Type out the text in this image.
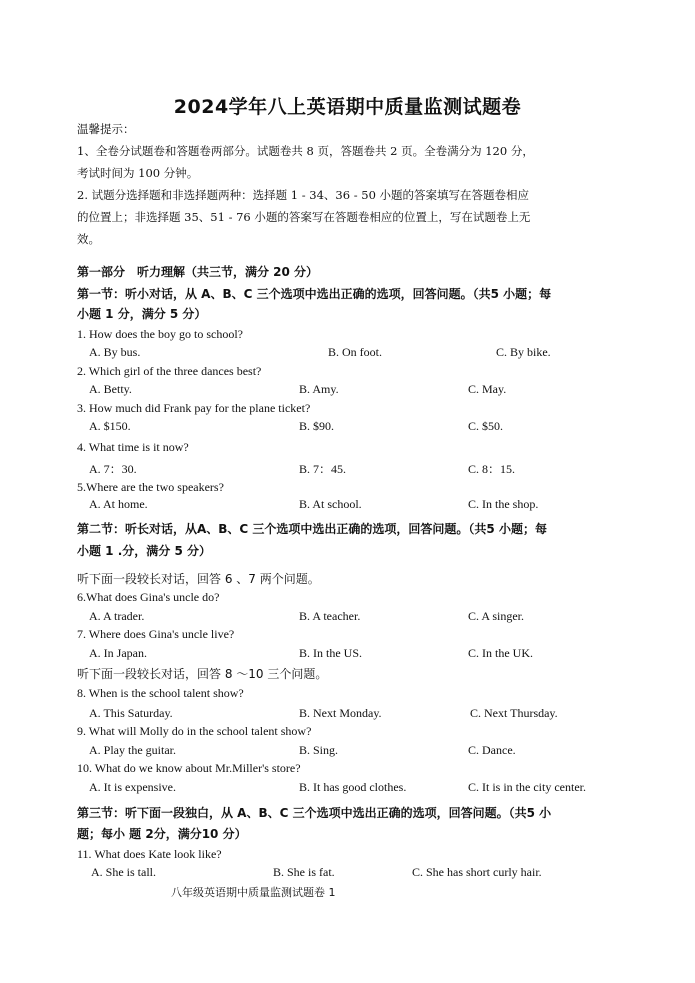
2024学年八上英语期中质量监测试题卷
温馨提示：
1、全卷分试题卷和答题卷两部分。试题卷共 8 页，答题卷共 2 页。全卷满分为 120 分，
考试时间为 100 分钟。
2. 试题分选择题和非选择题两种：选择题 1 - 34、36 - 50 小题的答案填写在答题卷相应
的位置上；非选择题 35、51 - 76 小题的答案写在答题卷相应的位置上，写在试题卷上无
效。
第一部分　听力理解（共三节，满分 20 分）
第一节：听小对话，从 A、B、C 三个选项中选出正确的选项，回答问题。（共5 小题；每
小题 1 分，满分 5 分）
1. How does the boy go to school?
A. By bus.	B. On foot.	C. By bike.
2. Which girl of the three dances best?
A. Betty.	B. Amy.	C. May.
3. How much did Frank pay for the plane ticket?
A. $150.	B. $90.	C. $50.
4. What time is it now?
A. 7：30.	B. 7：45.	C. 8：15.
5.Where are the two speakers?
A. At home.	B. At school.	C. In the shop.
第二节：听长对话，从A、B、C 三个选项中选出正确的选项，回答问题。（共5 小题；每
小题 1 .分，满分 5 分）
听下面一段较长对话，回答 6 、7 两个问题。
6.What does Gina's uncle do?
A. A trader.	B. A teacher.	C. A singer.
7. Where does Gina's uncle live?
A. In Japan.	B. In the US.	C. In the UK.
听下面一段较长对话，回答 8 ～10 三个问题。
8. When is the school talent show?
A. This Saturday.	B. Next Monday.	C. Next Thursday.
9. What will Molly do in the school talent show?
A. Play the guitar.	B. Sing.	C. Dance.
10. What do we know about Mr.Miller's store?
A. It is expensive.	B. It has good clothes.	C. It is in the city center.
第三节：听下面一段独白，从 A、B、C 三个选项中选出正确的选项，回答问题。（共5 小
题；每小 题 2分，满分10 分）
11. What does Kate look like?
A. She is tall.	B. She is fat.	C. She has short curly hair.
八年级英语期中质量监测试题卷 1
